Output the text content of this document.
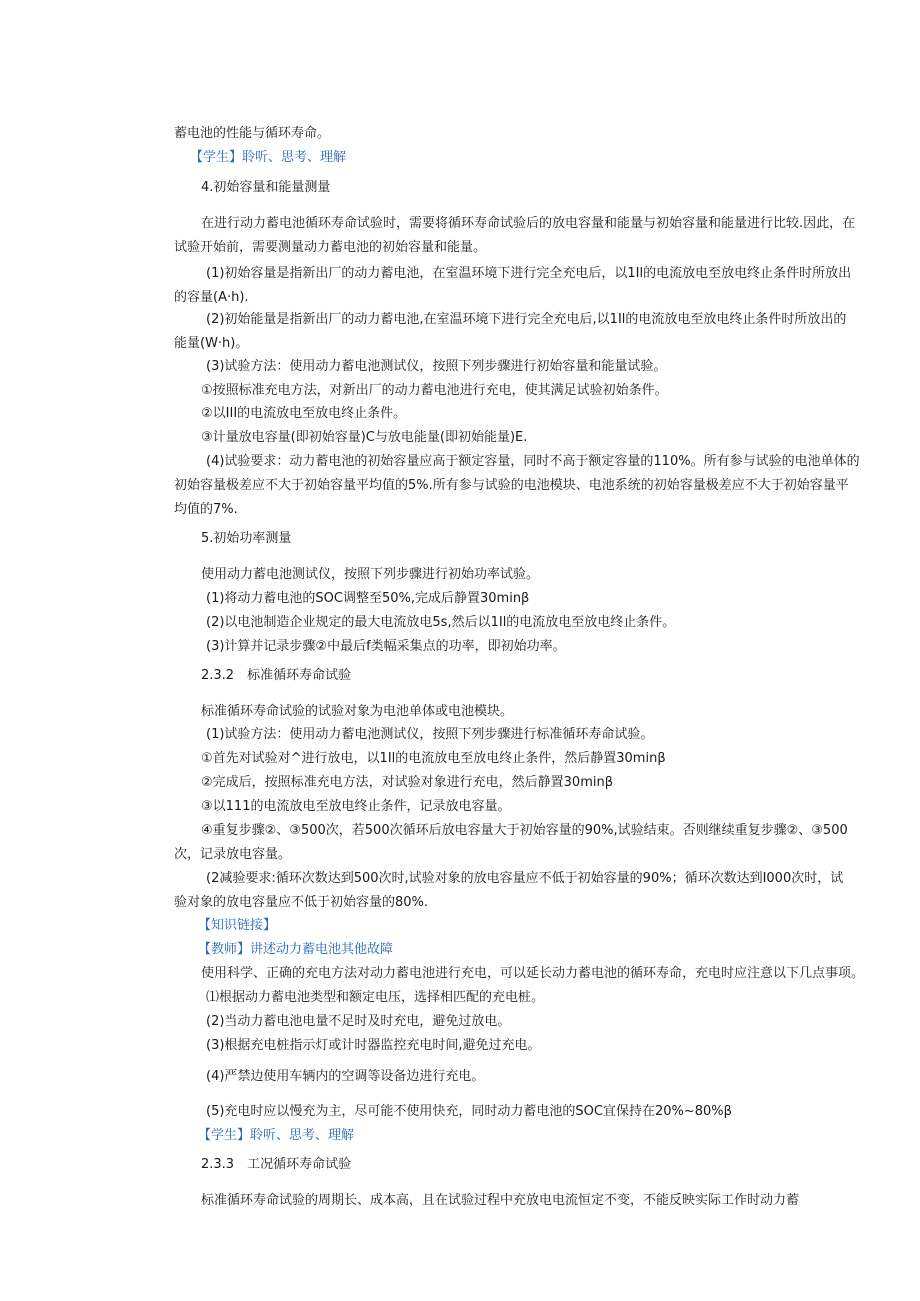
蓄电池的性能与循环寿命。
【学生】聆听、思考、理解
4.初始容量和能量测量
在进行动力蓄电池循环寿命试验时，需要将循环寿命试验后的放电容量和能量与初始容量和能量进行比较.因此，在
试验开始前，需要测量动力蓄电池的初始容量和能量。
(1)初始容量是指新出厂的动力蓄电池，在室温环境下进行完全充电后，以1Il的电流放电至放电终止条件时所放出
的容量(A·h).
(2)初始能量是指新出厂的动力蓄电池,在室温环境下进行完全充电后,以1Il的电流放电至放电终止条件时所放出的
能量(W·h)。
(3)试验方法：使用动力蓄电池测试仪，按照下列步骤进行初始容量和能量试验。
①按照标准充电方法，对新出厂的动力蓄电池进行充电，使其满足试验初始条件。
②以III的电流放电至放电终止条件。
③计量放电容量(即初始容量)C与放电能量(即初始能量)E.
(4)试验要求：动力蓄电池的初始容量应高于额定容量，同时不高于额定容量的110%。所有参与试验的电池单体的
初始容量极差应不大于初始容量平均值的5%.所有参与试验的电池模块、电池系统的初始容量极差应不大于初始容量平
均值的7%.
5.初始功率测量
使用动力蓄电池测试仪，按照下列步骤进行初始功率试验。
(1)将动力蓄电池的SOC调整至50%,完成后静置30minβ
(2)以电池制造企业规定的最大电流放电5s,然后以1Il的电流放电至放电终止条件。
(3)计算并记录步骤②中最后f类幅采集点的功率，即初始功率。
2.3.2　标准循环寿命试验
标准循环寿命试验的试验对象为电池单体或电池模块。
(1)试验方法：使用动力蓄电池测试仪，按照下列步骤进行标准循环寿命试验。
①首先对试验对^进行放电，以1Il的电流放电至放电终止条件，然后静置30minβ
②完成后，按照标准充电方法，对试验对象进行充电，然后静置30minβ
③以111的电流放电至放电终止条件，记录放电容量。
④重复步骤②、③500次，若500次循环后放电容量大于初始容量的90%,试验结束。否则继续重复步骤②、③500
次，记录放电容量。
(2减验要求:循环次数达到500次时,试验对象的放电容量应不低于初始容量的90%；循环次数达到I000次时，试
验对象的放电容量应不低于初始容量的80%.
【知识链接】
【教师】讲述动力蓄电池其他故障
使用科学、正确的充电方法对动力蓄电池进行充电，可以延长动力蓄电池的循环寿命，充电时应注意以下几点事项。
⑴根据动力蓄电池类型和额定电压，选择相匹配的充电桩。
(2)当动力蓄电池电量不足时及时充电，避免过放电。
(3)根据充电桩指示灯或计时器监控充电时间,避免过充电。
(4)严禁边使用车辆内的空调等设备边进行充电。
(5)充电时应以慢充为主，尽可能不使用快充，同时动力蓄电池的SOC宜保持在20%~80%β
【学生】聆听、思考、理解
2.3.3　工况循环寿命试验
标准循环寿命试验的周期长、成本高，且在试验过程中充放电电流恒定不变，不能反映实际工作时动力蓄
